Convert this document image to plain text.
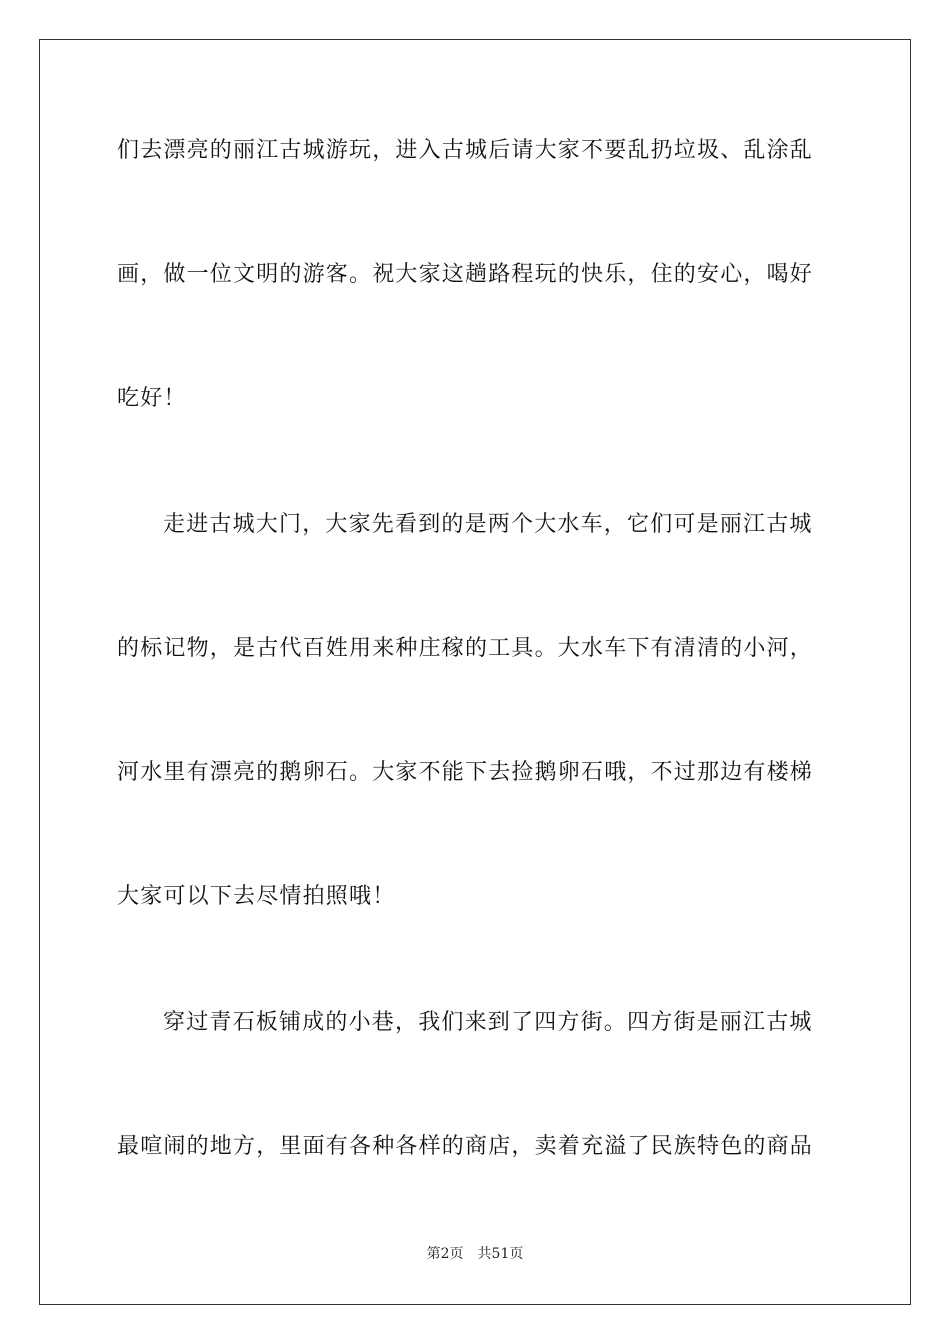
们去漂亮的丽江古城游玩，进入古城后请大家不要乱扔垃圾、乱涂乱
画，做一位文明的游客。祝大家这趟路程玩的快乐，住的安心，喝好
吃好！
走进古城大门，大家先看到的是两个大水车，它们可是丽江古城
的标记物，是古代百姓用来种庄稼的工具。大水车下有清清的小河，
河水里有漂亮的鹅卵石。大家不能下去捡鹅卵石哦，不过那边有楼梯
大家可以下去尽情拍照哦！
穿过青石板铺成的小巷，我们来到了四方街。四方街是丽江古城
最喧闹的地方，里面有各种各样的商店，卖着充溢了民族特色的商品
第2页 共51页
